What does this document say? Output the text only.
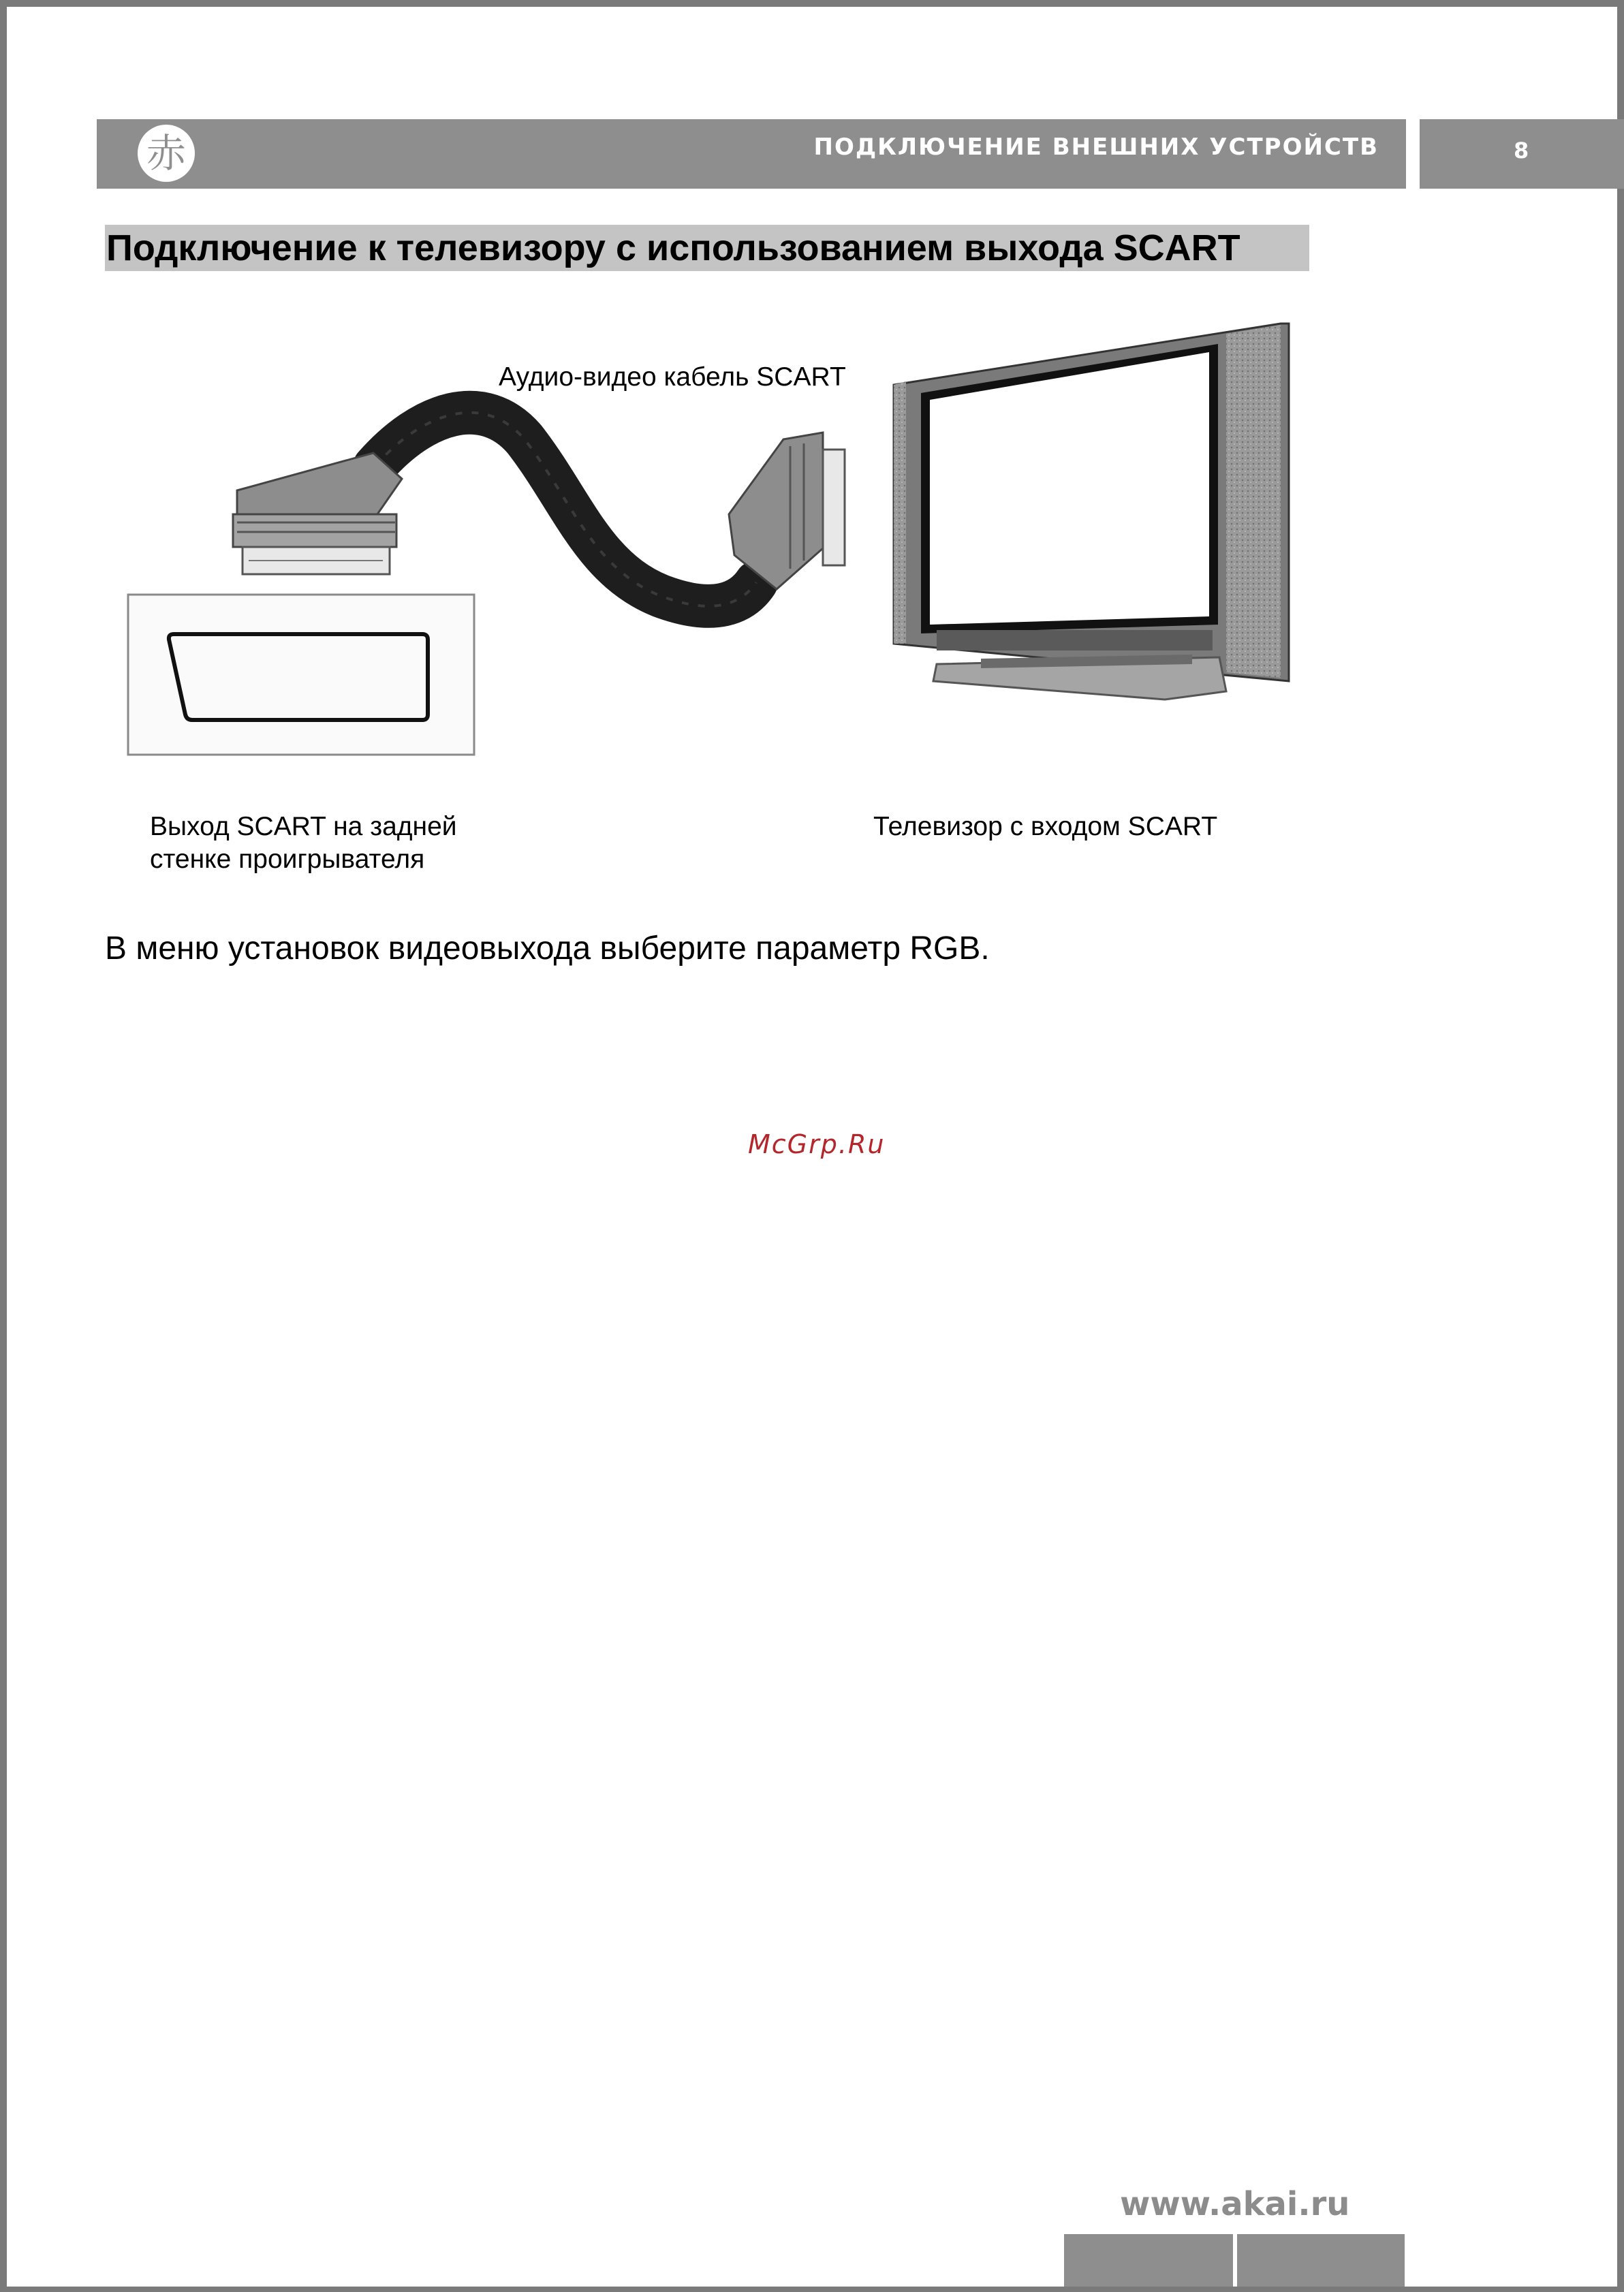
赤	ПОДКЛЮЧЕНИЕ ВНЕШНИХ УСТРОЙСТВ	8
Подключение к телевизору с использованием выхода SCART
Аудио-видео кабель SCART
Выход SCART на задней
стенке проигрывателя
Телевизор с входом SCART
В меню установок видеовыхода выберите параметр RGB.
McGrp.Ru
www.akai.ru
